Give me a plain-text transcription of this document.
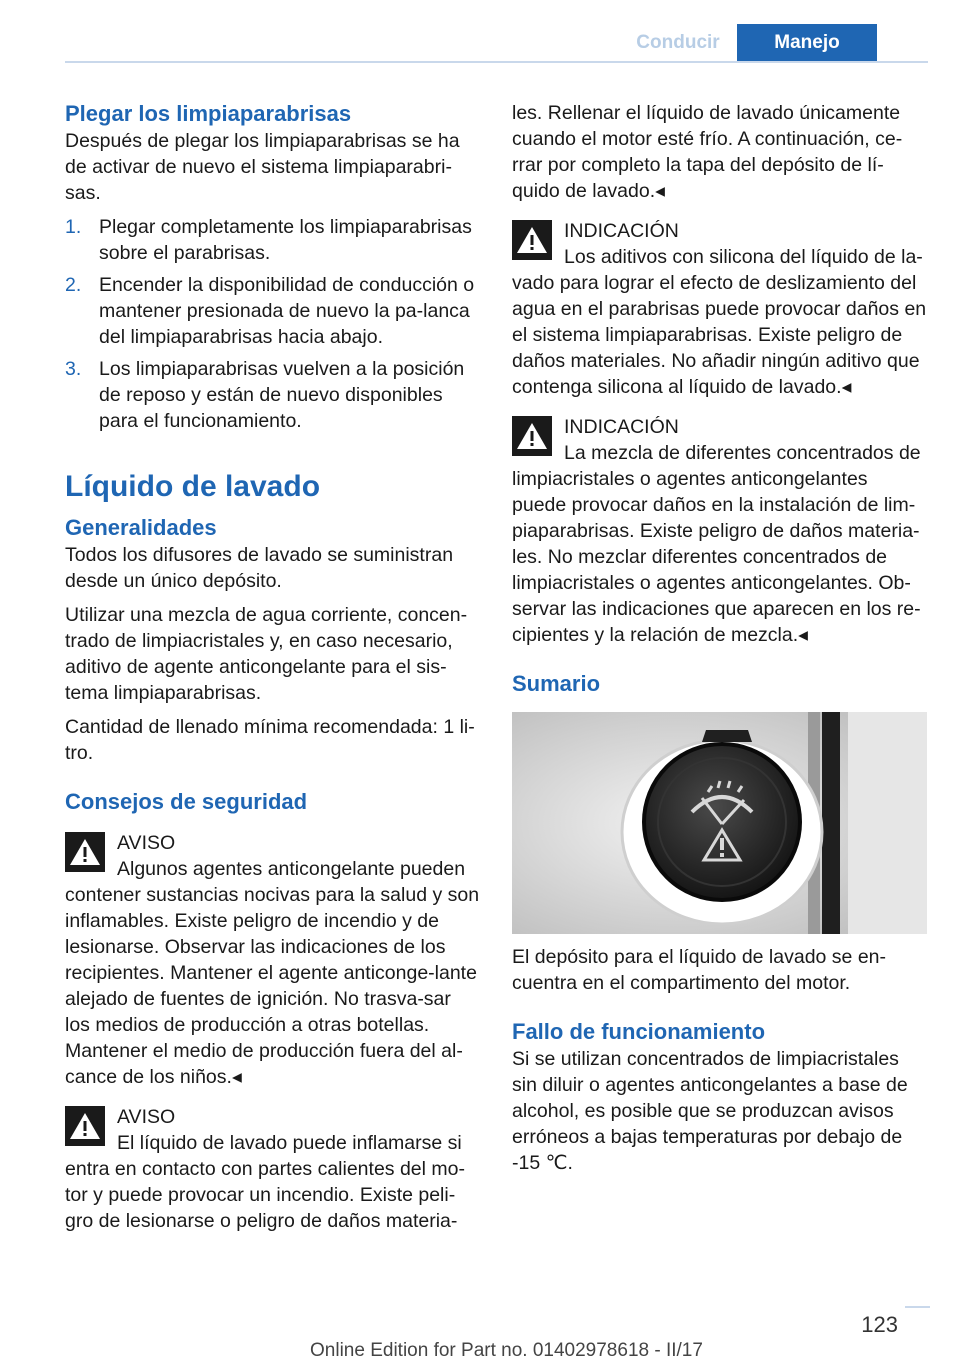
Conducir	Manejo
Plegar los limpiaparabrisas

Después de plegar los limpiaparabrisas se ha de activar de nuevo el sistema limpiaparabri‐sas.

1. Plegar completamente los limpiaparabrisas sobre el parabrisas.
2. Encender la disponibilidad de conducción o mantener presionada de nuevo la pa‐lanca del limpiaparabrisas hacia abajo.
3. Los limpiaparabrisas vuelven a la posición de reposo y están de nuevo disponibles para el funcionamiento.
Líquido de lavado
Generalidades

Todos los difusores de lavado se suministran desde un único depósito.

Utilizar una mezcla de agua corriente, concen‐trado de limpiacristales y, en caso necesario, aditivo de agente anticongelante para el sis‐tema limpiaparabrisas.

Cantidad de llenado mínima recomendada: 1 li‐tro.

Consejos de seguridad
AVISO
Algunos agentes anticongelante pueden contener sustancias nocivas para la salud y son inflamables. Existe peligro de incendio y de lesionarse. Observar las indicaciones de los recipientes. Mantener el agente anticonge‐lante alejado de fuentes de ignición. No trasva‐sar los medios de producción a otras botellas. Mantener el medio de producción fuera del al‐cance de los niños.◂
AVISO
El líquido de lavado puede inflamarse si entra en contacto con partes calientes del mo‐tor y puede provocar un incendio. Existe peli‐gro de lesionarse o peligro de daños materia‐

les. Rellenar el líquido de lavado únicamente cuando el motor esté frío. A continuación, ce‐rrar por completo la tapa del depósito de lí‐quido de lavado.◂

INDICACIÓN
Los aditivos con silicona del líquido de la‐vado para lograr el efecto de deslizamiento del agua en el parabrisas puede provocar daños en el sistema limpiaparabrisas. Existe peligro de daños materiales. No añadir ningún aditivo que contenga silicona al líquido de lavado.◂
INDICACIÓN
La mezcla de diferentes concentrados de limpiacristales o agentes anticongelantes puede provocar daños en la instalación de lim‐piaparabrisas. Existe peligro de daños materia‐les. No mezclar diferentes concentrados de limpiacristales o agentes anticongelantes. Ob‐servar las indicaciones que aparecen en los re‐cipientes y la relación de mezcla.◂
Sumario

El depósito para el líquido de lavado se en‐cuentra en el compartimento del motor.

Fallo de funcionamiento

Si se utilizan concentrados de limpiacristales sin diluir o agentes anticongelantes a base de alcohol, es posible que se produzcan avisos erróneos a bajas temperaturas por debajo de -15 ℃.

123
Online Edition for Part no. 01402978618 - II/17
